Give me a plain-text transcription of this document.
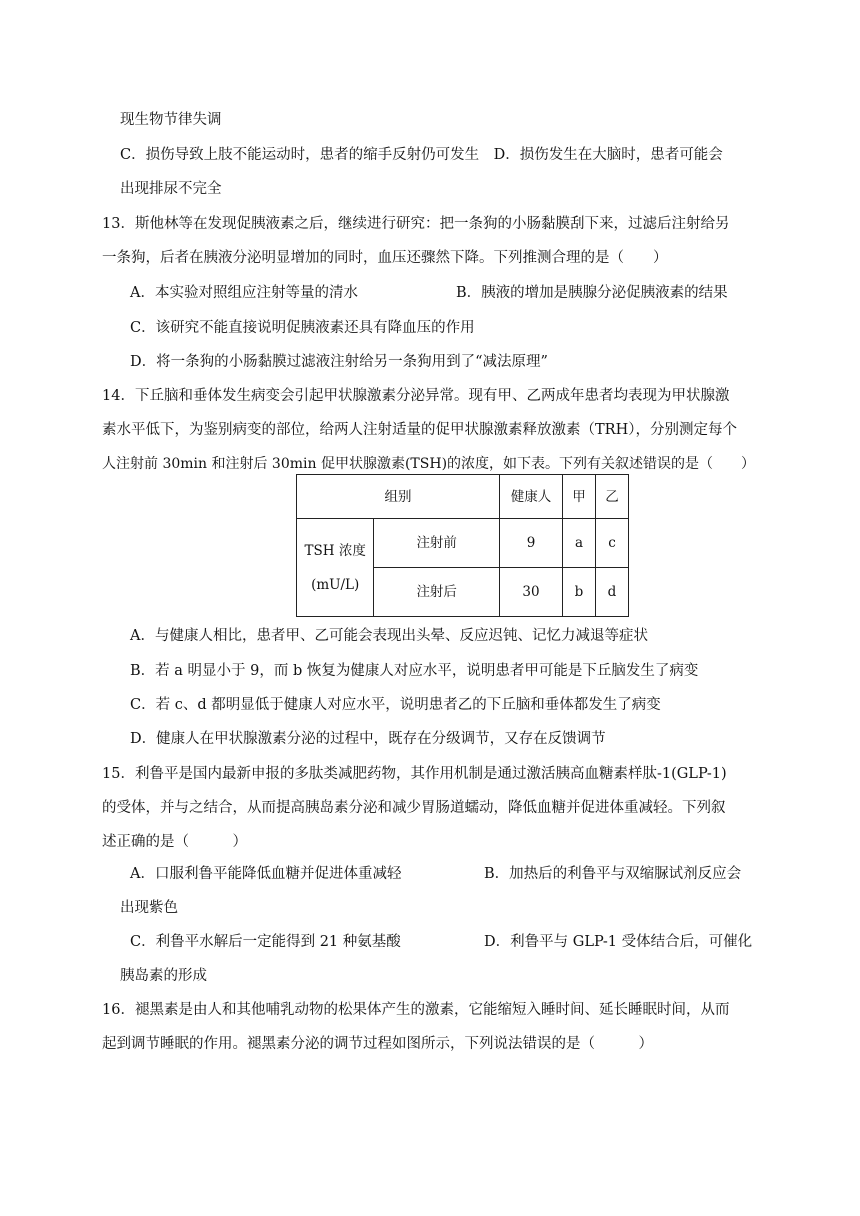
现生物节律失调
C．损伤导致上肢不能运动时，患者的缩手反射仍可发生　D．损伤发生在大脑时，患者可能会
出现排尿不完全
13．斯他林等在发现促胰液素之后，继续进行研究：把一条狗的小肠黏膜刮下来，过滤后注射给另
一条狗，后者在胰液分泌明显增加的同时，血压还骤然下降。下列推测合理的是（　　）
A．本实验对照组应注射等量的清水	B．胰液的增加是胰腺分泌促胰液素的结果
C．该研究不能直接说明促胰液素还具有降血压的作用
D．将一条狗的小肠黏膜过滤液注射给另一条狗用到了“减法原理”
14．下丘脑和垂体发生病变会引起甲状腺激素分泌异常。现有甲、乙两成年患者均表现为甲状腺激
素水平低下，为鉴别病变的部位，给两人注射适量的促甲状腺激素释放激素（TRH），分别测定每个
人注射前 30min 和注射后 30min 促甲状腺激素(TSH)的浓度，如下表。下列有关叙述错误的是（　　）
组别		健康人	甲	乙

TSH 浓度
(mU/L)	注射前	9	a	c
	注射后	30	b	d
A．与健康人相比，患者甲、乙可能会表现出头晕、反应迟钝、记忆力减退等症状
B．若 a 明显小于 9，而 b 恢复为健康人对应水平，说明患者甲可能是下丘脑发生了病变
C．若 c、d 都明显低于健康人对应水平，说明患者乙的下丘脑和垂体都发生了病变
D．健康人在甲状腺激素分泌的过程中，既存在分级调节，又存在反馈调节
15．利鲁平是国内最新申报的多肽类减肥药物，其作用机制是通过激活胰高血糖素样肽-1(GLP-1)
的受体，并与之结合，从而提高胰岛素分泌和减少胃肠道蠕动，降低血糖并促进体重减轻。下列叙
述正确的是（　　　）
A．口服利鲁平能降低血糖并促进体重减轻	B．加热后的利鲁平与双缩脲试剂反应会
出现紫色
C．利鲁平水解后一定能得到 21 种氨基酸	D．利鲁平与 GLP-1 受体结合后，可催化
胰岛素的形成
16．褪黑素是由人和其他哺乳动物的松果体产生的激素，它能缩短入睡时间、延长睡眠时间，从而
起到调节睡眠的作用。褪黑素分泌的调节过程如图所示，下列说法错误的是（　　　）
